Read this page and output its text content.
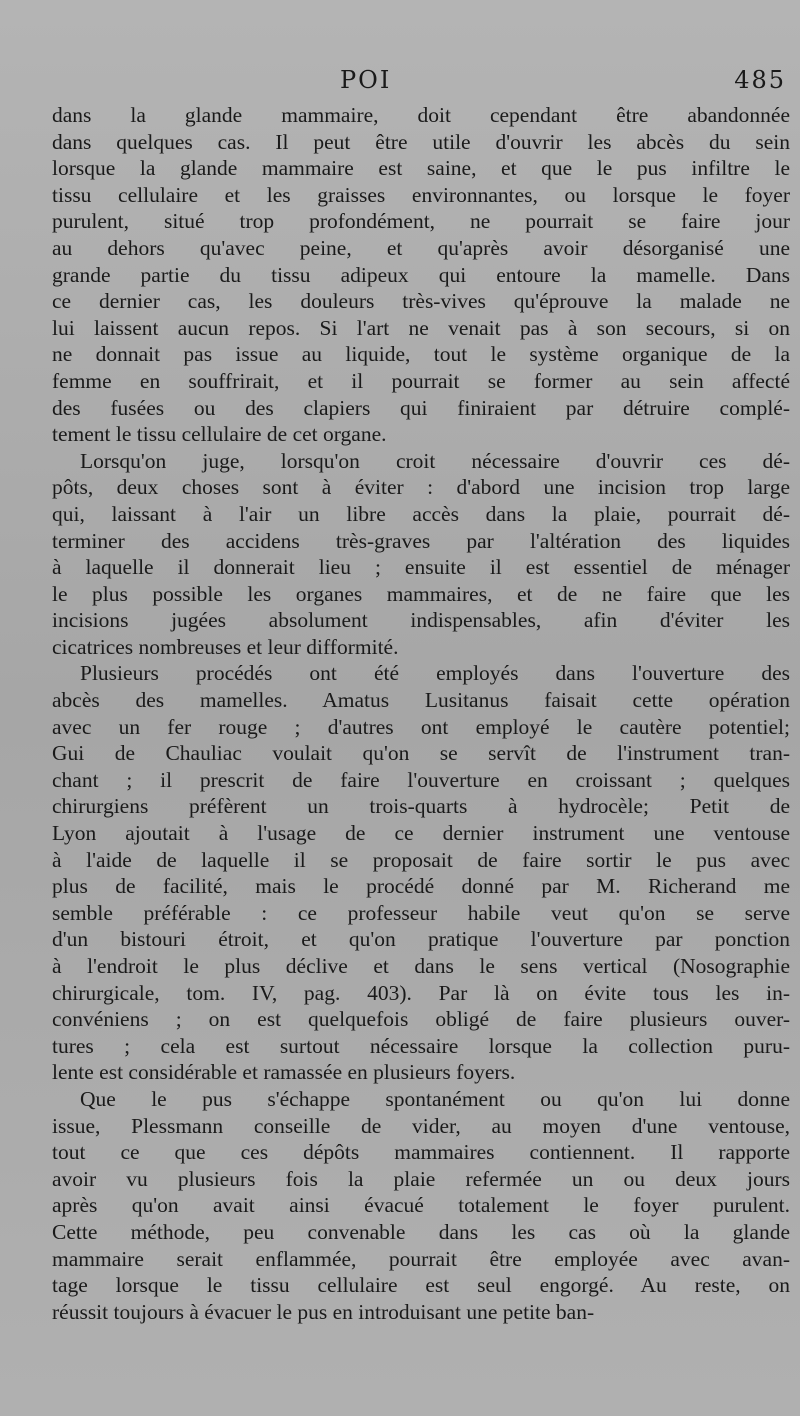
POI	485
dans la glande mammaire, doit cependant être abandonnée
dans quelques cas. Il peut être utile d'ouvrir les abcès du sein
lorsque la glande mammaire est saine, et que le pus infiltre le
tissu cellulaire et les graisses environnantes, ou lorsque le foyer
purulent, situé trop profondément, ne pourrait se faire jour
au dehors qu'avec peine, et qu'après avoir désorganisé une
grande partie du tissu adipeux qui entoure la mamelle. Dans
ce dernier cas, les douleurs très-vives qu'éprouve la malade ne
lui laissent aucun repos. Si l'art ne venait pas à son secours, si on
ne donnait pas issue au liquide, tout le système organique de la
femme en souffrirait, et il pourrait se former au sein affecté
des fusées ou des clapiers qui finiraient par détruire complé-
tement le tissu cellulaire de cet organe.
Lorsqu'on juge, lorsqu'on croit nécessaire d'ouvrir ces dé-
pôts, deux choses sont à éviter : d'abord une incision trop large
qui, laissant à l'air un libre accès dans la plaie, pourrait dé-
terminer des accidens très-graves par l'altération des liquides
à laquelle il donnerait lieu ; ensuite il est essentiel de ménager
le plus possible les organes mammaires, et de ne faire que les
incisions jugées absolument indispensables, afin d'éviter les
cicatrices nombreuses et leur difformité.
Plusieurs procédés ont été employés dans l'ouverture des
abcès des mamelles. Amatus Lusitanus faisait cette opération
avec un fer rouge ; d'autres ont employé le cautère potentiel;
Gui de Chauliac voulait qu'on se servît de l'instrument tran-
chant ; il prescrit de faire l'ouverture en croissant ; quelques
chirurgiens préfèrent un trois-quarts à hydrocèle; Petit de
Lyon ajoutait à l'usage de ce dernier instrument une ventouse
à l'aide de laquelle il se proposait de faire sortir le pus avec
plus de facilité, mais le procédé donné par M. Richerand me
semble préférable : ce professeur habile veut qu'on se serve
d'un bistouri étroit, et qu'on pratique l'ouverture par ponction
à l'endroit le plus déclive et dans le sens vertical (Nosographie
chirurgicale, tom. IV, pag. 403). Par là on évite tous les in-
convéniens ; on est quelquefois obligé de faire plusieurs ouver-
tures ; cela est surtout nécessaire lorsque la collection puru-
lente est considérable et ramassée en plusieurs foyers.
Que le pus s'échappe spontanément ou qu'on lui donne
issue, Plessmann conseille de vider, au moyen d'une ventouse,
tout ce que ces dépôts mammaires contiennent. Il rapporte
avoir vu plusieurs fois la plaie refermée un ou deux jours
après qu'on avait ainsi évacué totalement le foyer purulent.
Cette méthode, peu convenable dans les cas où la glande
mammaire serait enflammée, pourrait être employée avec avan-
tage lorsque le tissu cellulaire est seul engorgé. Au reste, on
réussit toujours à évacuer le pus en introduisant une petite ban-
